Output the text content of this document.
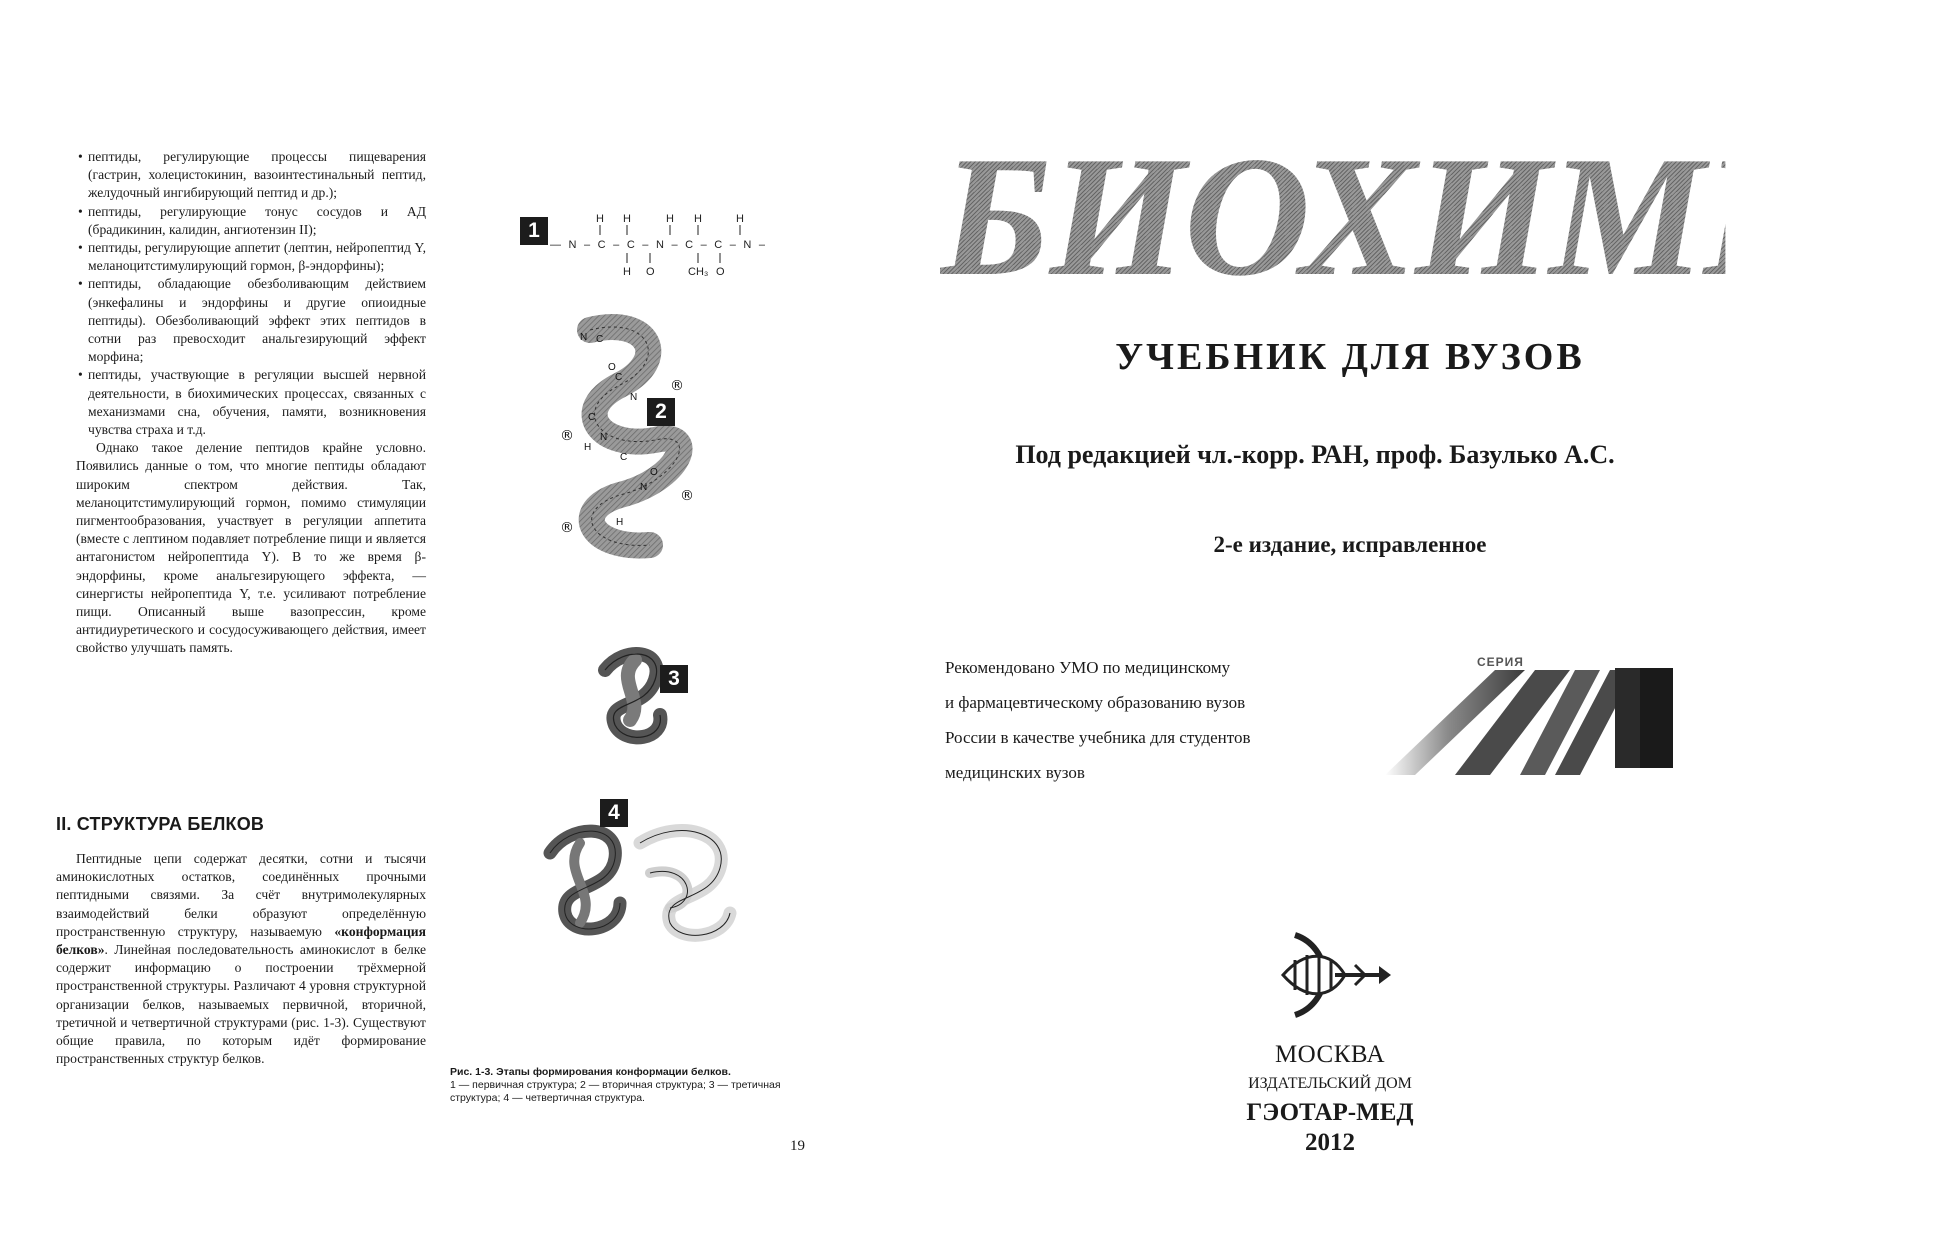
• пептиды, регулирующие процессы пищеварения (гастрин, холецистокинин, вазоинтестинальный пептид, желудочный ингибирующий пептид и др.);
• пептиды, регулирующие тонус сосудов и АД (брадикинин, калидин, ангиотензин II);
• пептиды, регулирующие аппетит (лептин, нейропептид Y, меланоцитстимулирующий гормон, β-эндорфины);
• пептиды, обладающие обезболивающим действием (энкефалины и эндорфины и другие опиоидные пептиды). Обезболивающий эффект этих пептидов в сотни раз превосходит анальгезирующий эффект морфина;
• пептиды, участвующие в регуляции высшей нервной деятельности, в биохимических процессах, связанных с механизмами сна, обучения, памяти, возникновения чувства страха и т.д.

Однако такое деление пептидов крайне условно. Появились данные о том, что многие пептиды обладают широким спектром действия. Так, меланоцитстимулирующий гормон, помимо стимуляции пигментообразования, участвует в регуляции аппетита (вместе с лептином подавляет потребление пищи и является антагонистом нейропептида Y). В то же время β-эндорфины, кроме анальгезирующего эффекта, — синергисты нейропептида Y, т.е. усиливают потребление пищи. Описанный выше вазопрессин, кроме антидиуретического и сосудосуживающего действия, имеет свойство улучшать память.

II. СТРУКТУРА БЕЛКОВ
Пептидные цепи содержат десятки, сотни и тысячи аминокислотных остатков, соединённых прочными пептидными связями. За счёт внутримолекулярных взаимодействий белки образуют определённую пространственную структуру, называемую «конформация белков». Линейная последовательность аминокислот в белке содержит информацию о построении трёхмерной пространственной структуры. Различают 4 уровня структурной организации белков, называемых первичной, вторичной, третичной и четвертичной структурами (рис. 1-3). Существуют общие правила, по которым идёт формирование пространственных структур белков.
1	H H	H H	H
—N–C–C–N–C–C–N–
H O	CH₃ O
N C
C
O
N
C
H
N
C
O
N
H
®
®
®
®
2
3
4
Рис. 1-3. Этапы формирования конформации белков.
1 — первичная структура; 2 — вторичная структура; 3 — третичная структура; 4 — четвертичная структура.
19
БИОХИМИЯ
УЧЕБНИК ДЛЯ ВУЗОВ
Под редакцией чл.-корр. РАН, проф. Базулько А.С.
2-е издание, исправленное
Рекомендовано УМО по медицинскому
и фармацевтическому образованию вузов
России в качестве учебника для студентов
медицинских вузов
СЕРИЯ
МОСКВА
ИЗДАТЕЛЬСКИЙ ДОМ
ГЭОТАР-МЕД
2012
